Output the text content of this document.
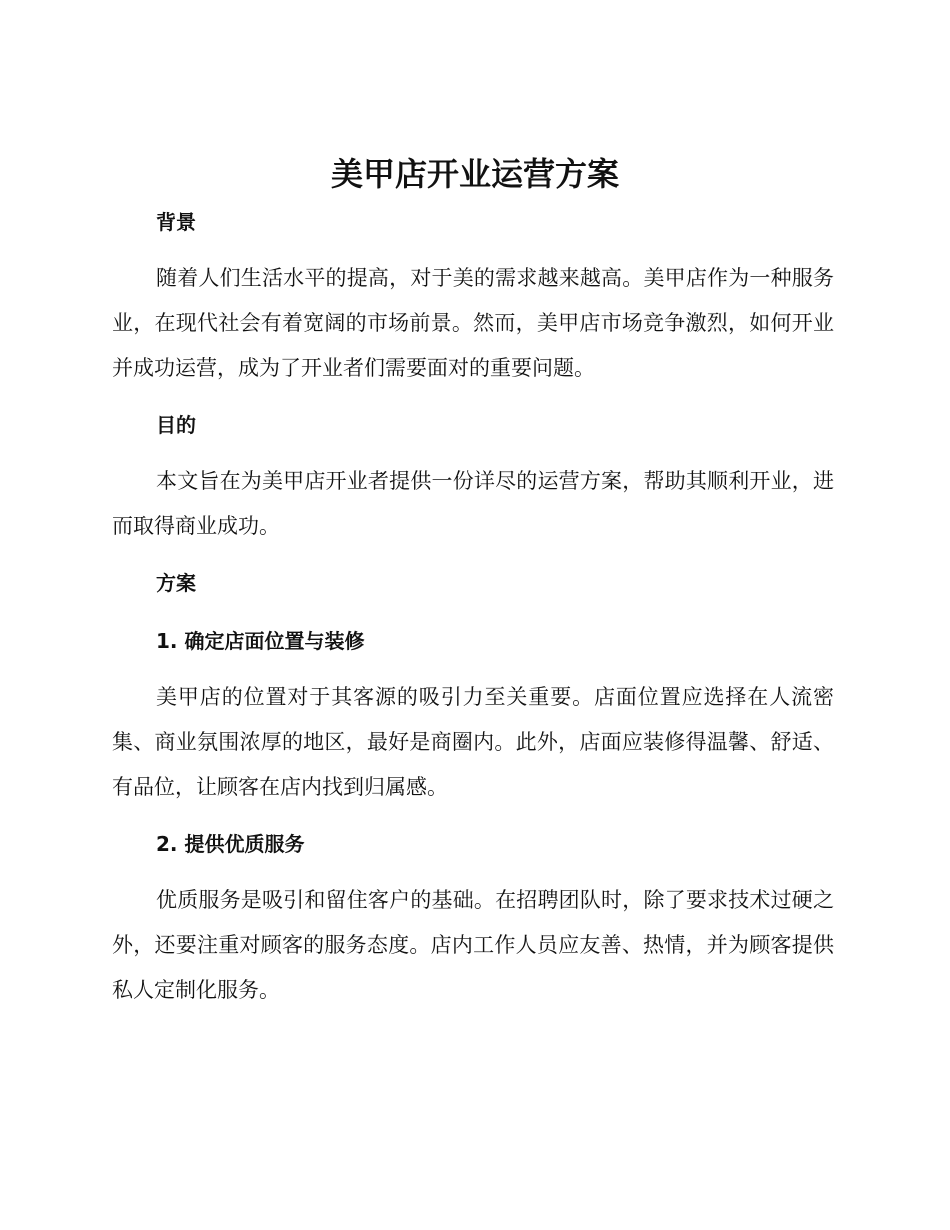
美甲店开业运营方案
背景

随着人们生活水平的提高，对于美的需求越来越高。美甲店作为一种服务业，在现代社会有着宽阔的市场前景。然而，美甲店市场竞争激烈，如何开业并成功运营，成为了开业者们需要面对的重要问题。

目的

本文旨在为美甲店开业者提供一份详尽的运营方案，帮助其顺利开业，进而取得商业成功。

方案
1. 确定店面位置与装修

美甲店的位置对于其客源的吸引力至关重要。店面位置应选择在人流密集、商业氛围浓厚的地区，最好是商圈内。此外，店面应装修得温馨、舒适、有品位，让顾客在店内找到归属感。

2. 提供优质服务

优质服务是吸引和留住客户的基础。在招聘团队时，除了要求技术过硬之外，还要注重对顾客的服务态度。店内工作人员应友善、热情，并为顾客提供私人定制化服务。
